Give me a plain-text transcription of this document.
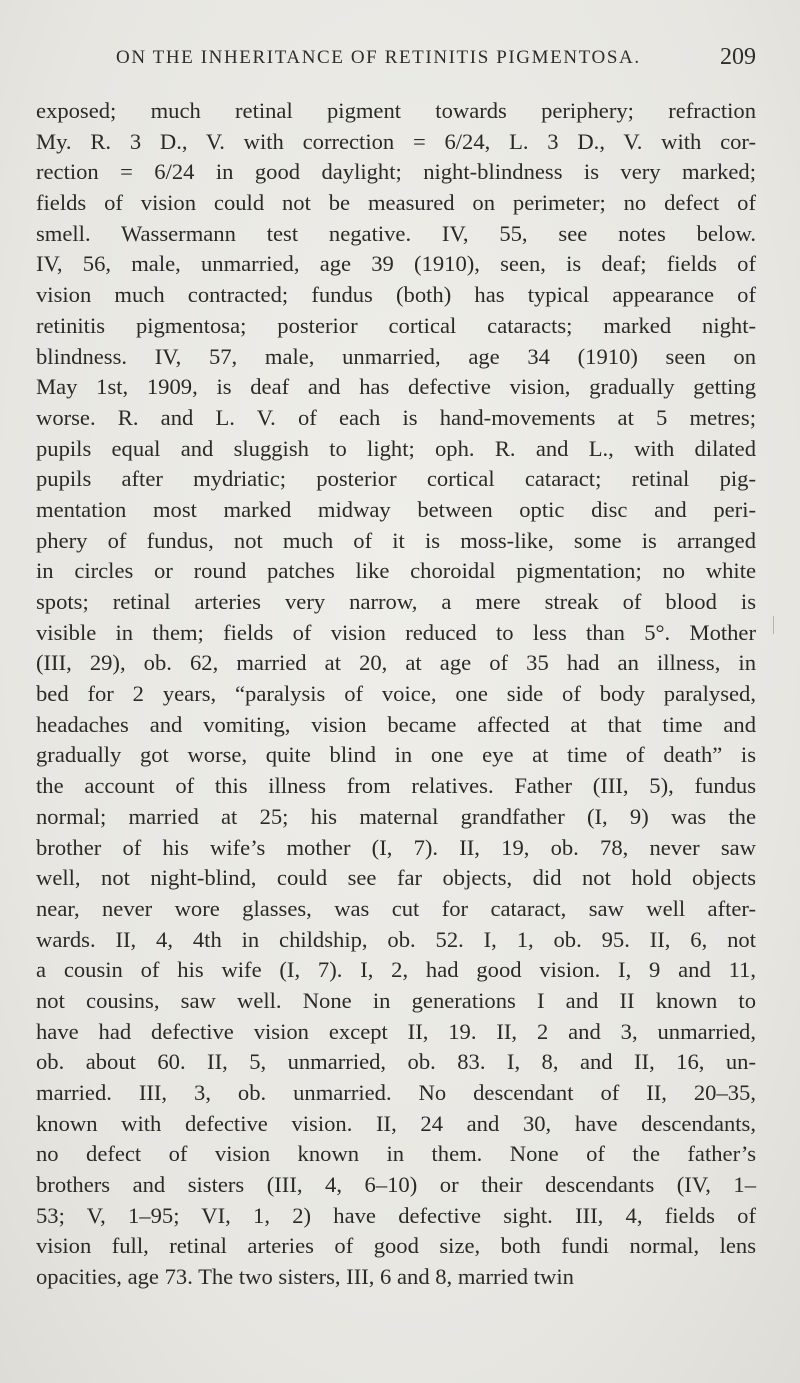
ON THE INHERITANCE OF RETINITIS PIGMENTOSA.	209
exposed; much retinal pigment towards periphery; refraction
My. R. 3 D., V. with correction = 6/24, L. 3 D., V. with cor-
rection = 6/24 in good daylight; night-blindness is very marked;
fields of vision could not be measured on perimeter; no defect of
smell. Wassermann test negative. IV, 55, see notes below.
IV, 56, male, unmarried, age 39 (1910), seen, is deaf; fields of
vision much contracted; fundus (both) has typical appearance of
retinitis pigmentosa; posterior cortical cataracts; marked night-
blindness. IV, 57, male, unmarried, age 34 (1910) seen on
May 1st, 1909, is deaf and has defective vision, gradually getting
worse. R. and L. V. of each is hand-movements at 5 metres;
pupils equal and sluggish to light; oph. R. and L., with dilated
pupils after mydriatic; posterior cortical cataract; retinal pig-
mentation most marked midway between optic disc and peri-
phery of fundus, not much of it is moss-like, some is arranged
in circles or round patches like choroidal pigmentation; no white
spots; retinal arteries very narrow, a mere streak of blood is
visible in them; fields of vision reduced to less than 5°. Mother
(III, 29), ob. 62, married at 20, at age of 35 had an illness, in
bed for 2 years, “paralysis of voice, one side of body paralysed,
headaches and vomiting, vision became affected at that time and
gradually got worse, quite blind in one eye at time of death” is
the account of this illness from relatives. Father (III, 5), fundus
normal; married at 25; his maternal grandfather (I, 9) was the
brother of his wife’s mother (I, 7). II, 19, ob. 78, never saw
well, not night-blind, could see far objects, did not hold objects
near, never wore glasses, was cut for cataract, saw well after-
wards. II, 4, 4th in childship, ob. 52. I, 1, ob. 95. II, 6, not
a cousin of his wife (I, 7). I, 2, had good vision. I, 9 and 11,
not cousins, saw well. None in generations I and II known to
have had defective vision except II, 19. II, 2 and 3, unmarried,
ob. about 60. II, 5, unmarried, ob. 83. I, 8, and II, 16, un-
married. III, 3, ob. unmarried. No descendant of II, 20–35,
known with defective vision. II, 24 and 30, have descendants,
no defect of vision known in them. None of the father’s
brothers and sisters (III, 4, 6–10) or their descendants (IV, 1–
53; V, 1–95; VI, 1, 2) have defective sight. III, 4, fields of
vision full, retinal arteries of good size, both fundi normal, lens
opacities, age 73. The two sisters, III, 6 and 8, married twin
